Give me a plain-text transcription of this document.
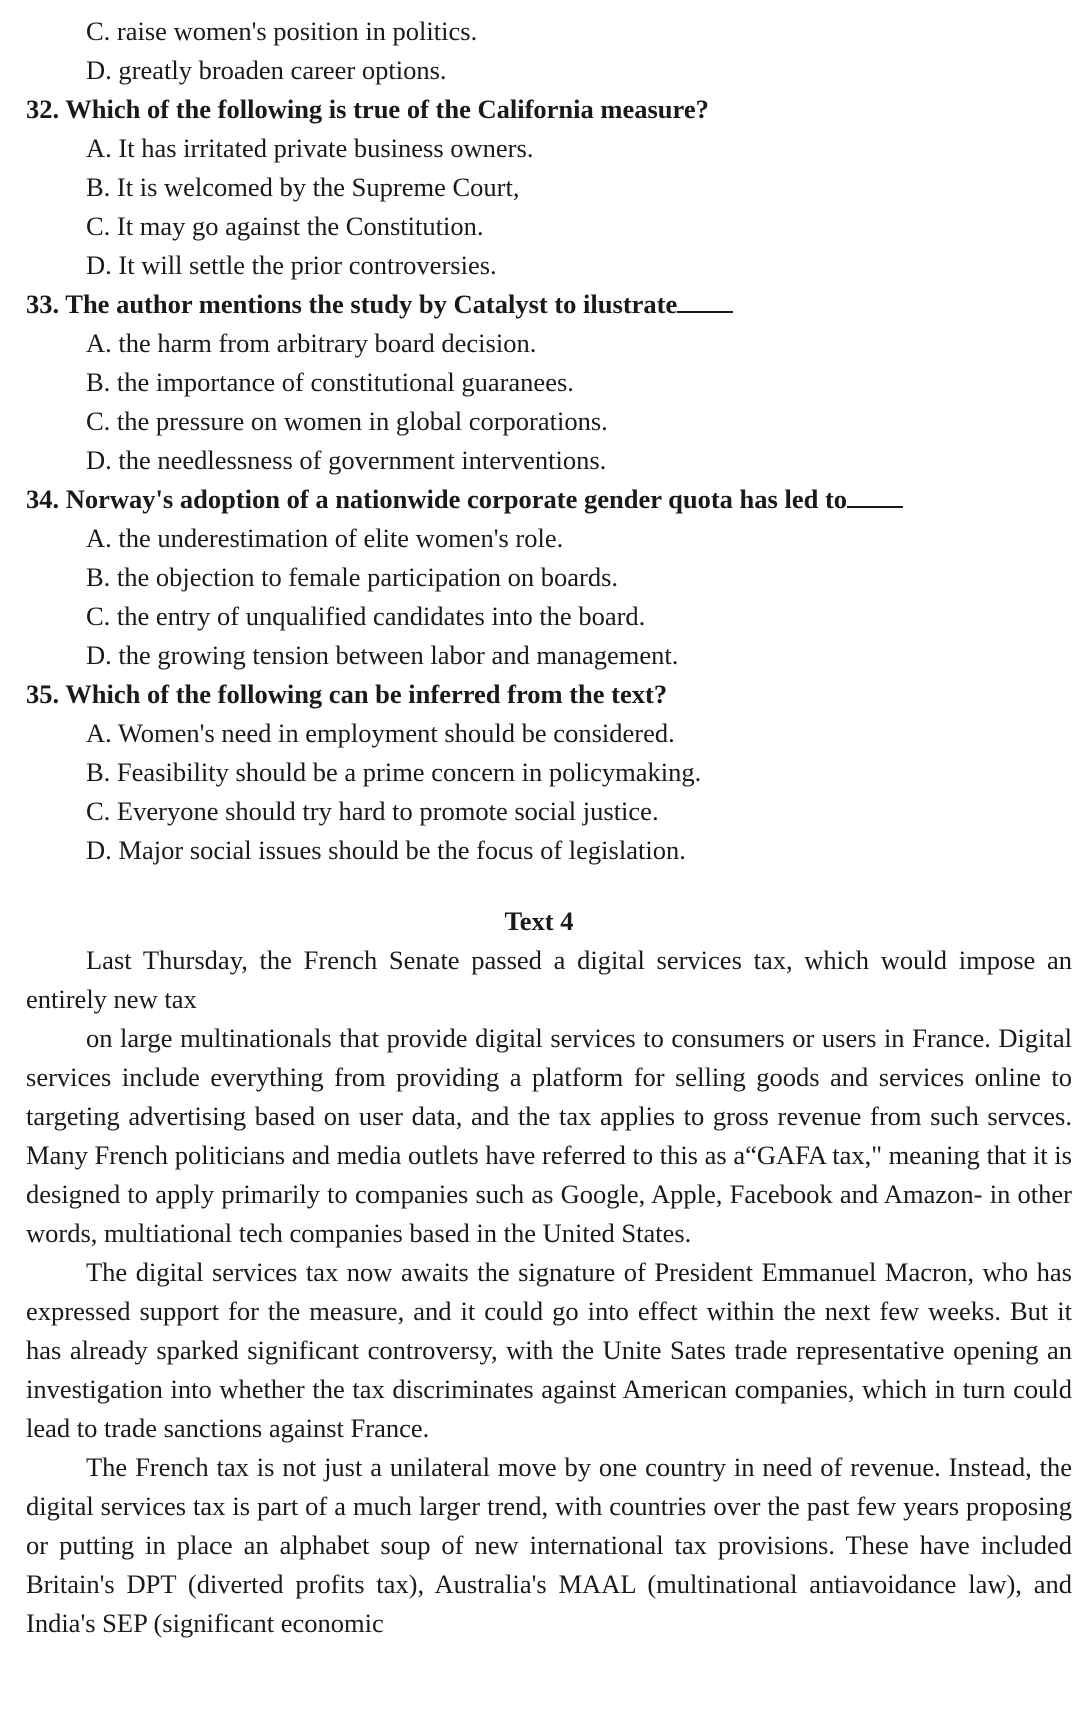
C. raise women's position in politics.
D. greatly broaden career options.
32. Which of the following is true of the California measure?
A. It has irritated private business owners.
B. It is welcomed by the Supreme Court,
C. It may go against the Constitution.
D. It will settle the prior controversies.
33. The author mentions the study by Catalyst to ilustrate
A. the harm from arbitrary board decision.
B. the importance of constitutional guaranees.
C. the pressure on women in global corporations.
D. the needlessness of government interventions.
34. Norway's adoption of a nationwide corporate gender quota has led to
A. the underestimation of elite women's role.
B. the objection to female participation on boards.
C. the entry of unqualified candidates into the board.
D. the growing tension between labor and management.
35. Which of the following can be inferred from the text?
A. Women's need in employment should be considered.
B. Feasibility should be a prime concern in policymaking.
C. Everyone should try hard to promote social justice.
D. Major social issues should be the focus of legislation.
Text 4

Last Thursday, the French Senate passed a digital services tax, which would impose an entirely new tax

on large multinationals that provide digital services to consumers or users in France. Digital services include everything from providing a platform for selling goods and services online to targeting advertising based on user data, and the tax applies to gross revenue from such servces. Many French politicians and media outlets have referred to this as a“GAFA tax," meaning that it is designed to apply primarily to companies such as Google, Apple, Facebook and Amazon- in other words, multiational tech companies based in the United States.

The digital services tax now awaits the signature of President Emmanuel Macron, who has expressed support for the measure, and it could go into effect within the next few weeks. But it has already sparked significant controversy, with the Unite Sates trade representative opening an investigation into whether the tax discriminates against American companies, which in turn could lead to trade sanctions against France.

The French tax is not just a unilateral move by one country in need of revenue. Instead, the digital services tax is part of a much larger trend, with countries over the past few years proposing or putting in place an alphabet soup of new international tax provisions. These have included Britain's DPT (diverted profits tax), Australia's MAAL (multinational antiavoidance law), and India's SEP (significant economic
